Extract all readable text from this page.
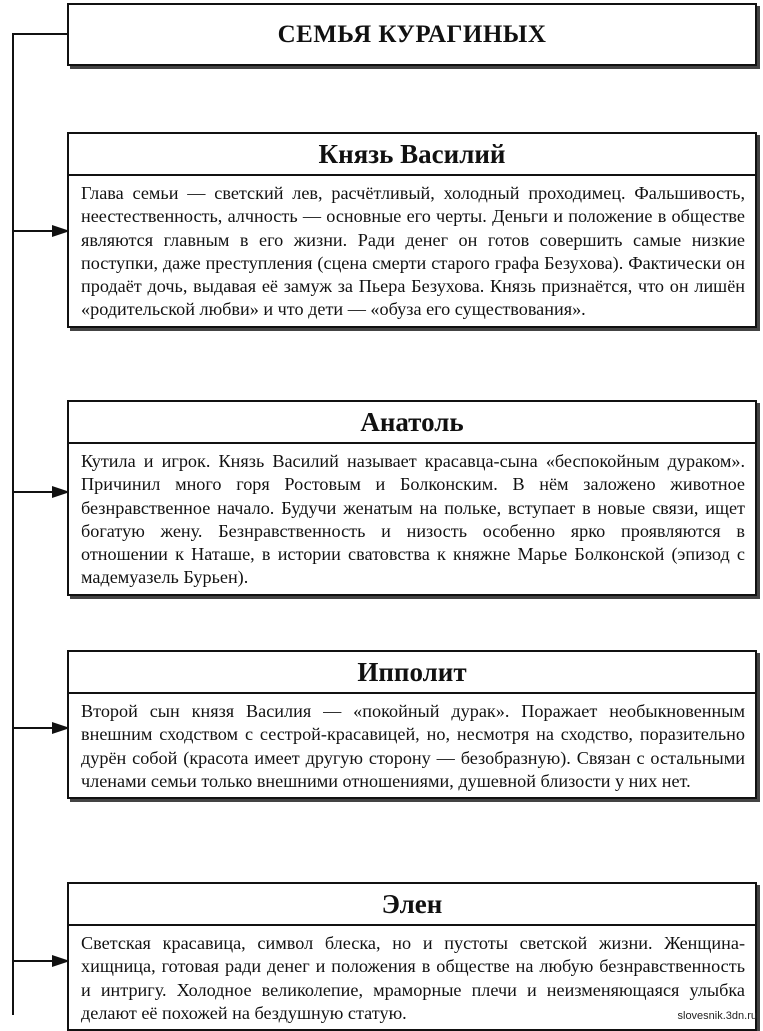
СЕМЬЯ КУРАГИНЫХ
Князь Василий
Глава семьи — светский лев, расчётливый, холодный проходимец. Фальшивость, неестественность, алчность — основные его черты. Деньги и положение в обществе являются главным в его жизни. Ради денег он готов совершить самые низкие поступки, даже преступления (сцена смерти старого графа Безухова). Фактически он продаёт дочь, выдавая её замуж за Пьера Безухова. Князь признаётся, что он лишён «родительской любви» и что дети — «обуза его существования».
Анатоль
Кутила и игрок. Князь Василий называет красавца-сына «беспокойным дураком». Причинил много горя Ростовым и Болконским. В нём заложено животное безнравственное начало. Будучи женатым на польке, вступает в новые связи, ищет богатую жену. Безнравственность и низость особенно ярко проявляются в отношении к Наташе, в истории сватовства к княжне Марье Болконской (эпизод с мадемуазель Бурьен).
Ипполит
Второй сын князя Василия — «покойный дурак». Поражает необыкновенным внешним сходством с сестрой-красавицей, но, несмотря на сходство, поразительно дурён собой (красота имеет другую сторону — безобразную). Связан с остальными членами семьи только внешними отношениями, душевной близости у них нет.
Элен
Светская красавица, символ блеска, но и пустоты светской жизни. Женщина-хищница, готовая ради денег и положения в обществе на любую безнравственность и интригу. Холодное великолепие, мраморные плечи и неизменяющаяся улыбка делают её похожей на бездушную статую.	slovesnik.3dn.ru
